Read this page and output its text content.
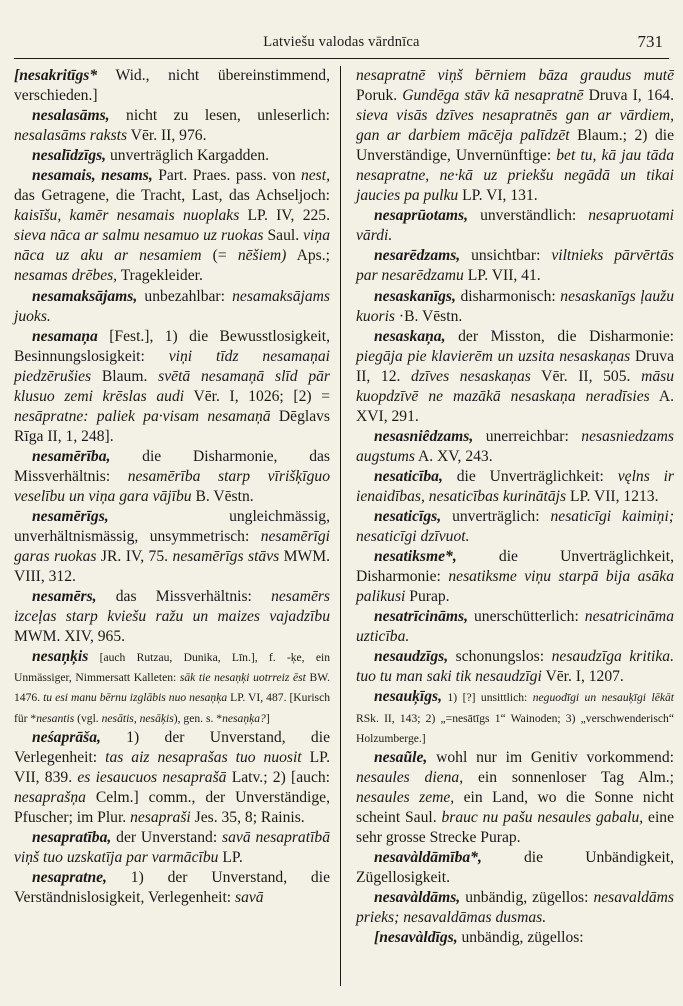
Latviešu valodas vārdnīca	731

[nesakritīgs* Wid., nicht übereinstimmend, verschieden.]

nesalasāms, nicht zu lesen, unleserlich: nesalasāms raksts Vēr. II, 976.

nesalīdzīgs, unverträglich Kargadden.

nesamais, nesams, Part. Praes. pass. von nest, das Getragene, die Tracht, Last, das Achseljoch: kaisīšu, kamēr nesamais nuoplaks LP. IV, 225. sieva nāca ar salmu nesamuo uz ruokas Saul. viņa nāca uz aku ar nesamiem (= nēšiem) Aps.; nesamas drēbes, Tragekleider.

nesamaksājams, unbezahlbar: nesamaksājams juoks.

nesamaņa [Fest.], 1) die Bewusstlosigkeit, Besinnungslosigkeit: viņi tīdz nesamaņai piedzērušies Blaum. svētā nesamaņā slīd pār klusuo zemi krēslas audi Vēr. I, 1026; [2) = nesāpratne: paliek pa·visam nesamaņā Dēglavs Rīga II, 1, 248].

nesamērība, die Disharmonie, das Missverhältnis: nesamērība starp vīrišķīguo veselību un viņa gara vājību B. Vēstn.

nesamērīgs, ungleichmässig, unverhältnismässig, unsymmetrisch: nesamērīgi garas ruokas JR. IV, 75. nesamērīgs stāvs MWM. VIII, 312.

nesamērs, das Missverhältnis: nesamērs izceļas starp kviešu ražu un maizes vajadzību MWM. XIV, 965.

nesaņķis [auch Rutzau, Dunika, Līn.], f. -ķe, ein Unmässiger, Nimmersatt Kalleten: sāk tie nesaņķi uotrreiz ēst BW. 1476. tu esi manu bērnu izglābis nuo nesaņķa LP. VI, 487. [Kurisch für *nesantis (vgl. nesātis, nesāķis), gen. s. *nesaņķa?]

neśaprāša, 1) der Unverstand, die Verlegenheit: tas aiz nesaprašas tuo nuosit LP. VII, 839. es iesaucuos nesaprašā Latv.; 2) [auch: nesaprašņa Celm.] comm., der Unverständige, Pfuscher; im Plur. nesapraši Jes. 35, 8; Rainis.

nesapratība, der Unverstand: savā nesapratībā viņš tuo uzskatīja par varmācību LP.

nesapratne, 1) der Unverstand, die Verständnislosigkeit, Verlegenheit: savā

nesapratnē viņš bērniem bāza graudus mutē Poruk. Gundēga stāv kā nesapratnē Druva I, 164. sieva visās dzīves nesapratnēs gan ar vārdiem, gan ar darbiem mācēja palīdzēt Blaum.; 2) die Unverständige, Unvernünftige: bet tu, kā jau tāda nesapratne, ne·kā uz priekšu negādā un tikai jaucies pa pulku LP. VI, 131.

nesaprūotams, unverständlich: nesapruotami vārdi.

nesarēdzams, unsichtbar: viltnieks pārvērtās par nesarēdzamu LP. VII, 41.

nesaskanīgs, disharmonisch: nesaskanīgs ļaužu kuoris ·B. Vēstn.

nesaskaņa, der Misston, die Disharmonie: piegāja pie klavierēm un uzsita nesaskaņas Druva II, 12. dzīves nesaskaņas Vēr. II, 505. māsu kuopdzīvē ne mazākā nesaskaņa neradīsies A. XVI, 291.

nesasniêdzams, unerreichbar: nesasniedzams augstums A. XV, 243.

nesaticība, die Unverträglichkeit: vęlns ir ienaidības, nesaticības kurinātājs LP. VII, 1213.

nesaticīgs, unverträglich: nesaticīgi kaimiņi; nesaticīgi dzīvuot.

nesatiksme*, die Unverträglichkeit, Disharmonie: nesatiksme viņu starpā bija asāka palikusi Purap.

nesatrīcināms, unerschütterlich: nesatricināma uzticība.

nesaudzīgs, schonungslos: nesaudzīga kritika. tuo tu man saki tik nesaudzīgi Vēr. I, 1207.

nesauķīgs, 1) [?] unsittlich: neguodīgi un nesauķīgi lēkāt RSk. II, 143; 2) „=nesātīgs 1“ Wainoden; 3) „verschwenderisch“ Holzumberge.]

nesaũle, wohl nur im Genitiv vorkommend: nesaules diena, ein sonnenloser Tag Alm.; nesaules zeme, ein Land, wo die Sonne nicht scheint Saul. brauc nu pašu nesaules gabalu, eine sehr grosse Strecke Purap.

nesavàldāmība*, die Unbändigkeit, Zügellosigkeit.

nesavàldāms, unbändig, zügellos: nesavaldāms prieks; nesavaldāmas dusmas.

[nesavàldīgs, unbändig, zügellos:
